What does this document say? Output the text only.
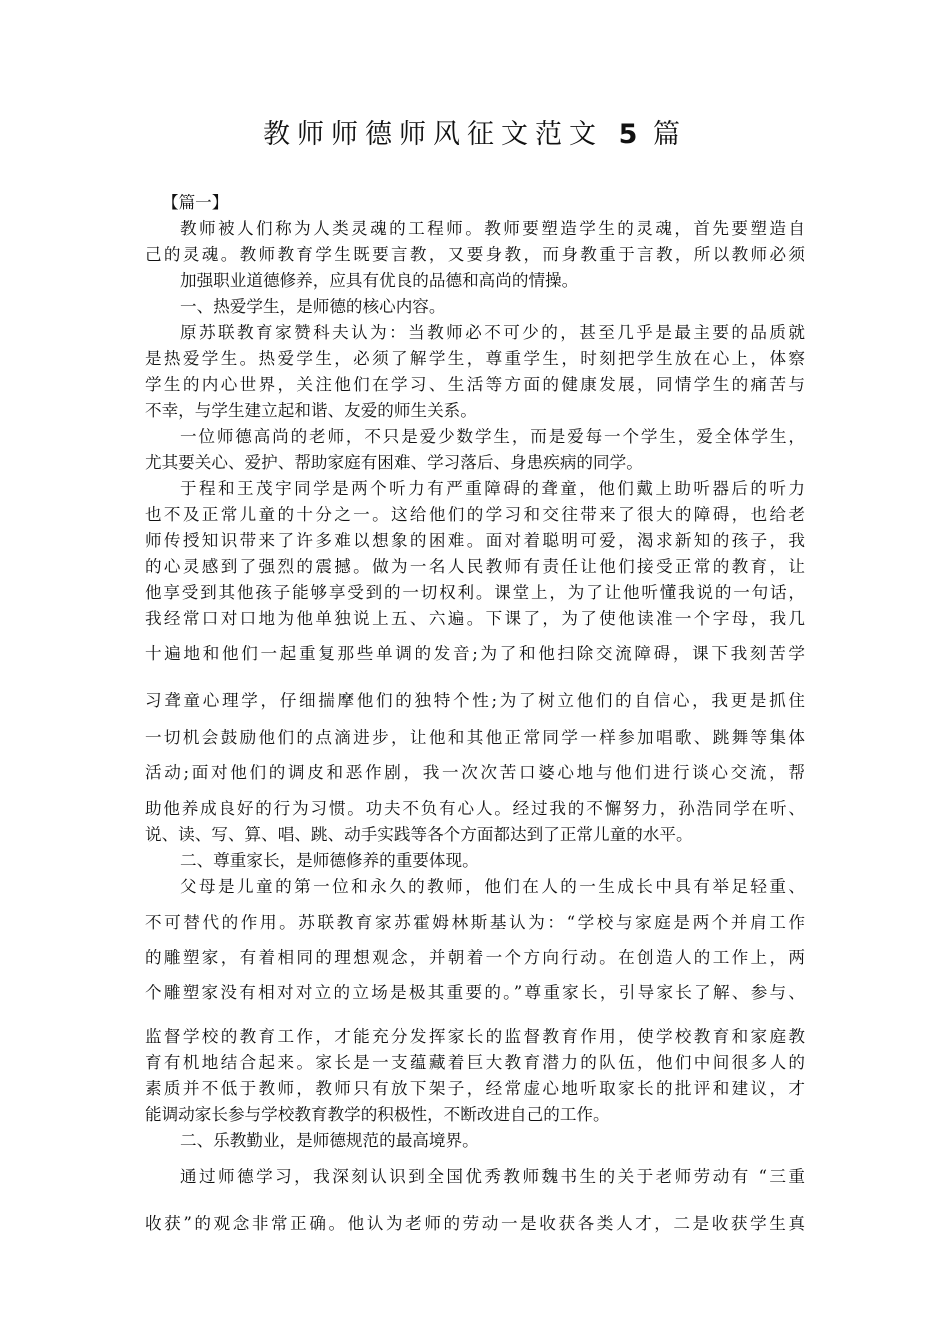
教师师德师风征文范文 5 篇
【篇一】
教师被人们称为人类灵魂的工程师。教师要塑造学生的灵魂，首先要塑造自
己的灵魂。教师教育学生既要言教，又要身教，而身教重于言教，所以教师必须
加强职业道德修养，应具有优良的品德和高尚的情操。
一、热爱学生，是师德的核心内容。
原苏联教育家赞科夫认为：当教师必不可少的，甚至几乎是最主要的品质就
是热爱学生。热爱学生，必须了解学生，尊重学生，时刻把学生放在心上，体察
学生的内心世界，关注他们在学习、生活等方面的健康发展，同情学生的痛苦与
不幸，与学生建立起和谐、友爱的师生关系。
一位师德高尚的老师，不只是爱少数学生，而是爱每一个学生，爱全体学生，
尤其要关心、爱护、帮助家庭有困难、学习落后、身患疾病的同学。
于程和王茂宇同学是两个听力有严重障碍的聋童，他们戴上助听器后的听力
也不及正常儿童的十分之一。这给他们的学习和交往带来了很大的障碍，也给老
师传授知识带来了许多难以想象的困难。面对着聪明可爱，渴求新知的孩子，我
的心灵感到了强烈的震撼。做为一名人民教师有责任让他们接受正常的教育，让
他享受到其他孩子能够享受到的一切权利。课堂上，为了让他听懂我说的一句话，
我经常口对口地为他单独说上五、六遍。下课了，为了使他读准一个字母，我几
十遍地和他们一起重复那些单调的发音;为了和他扫除交流障碍，课下我刻苦学
习聋童心理学，仔细揣摩他们的独特个性;为了树立他们的自信心，我更是抓住
一切机会鼓励他们的点滴进步，让他和其他正常同学一样参加唱歌、跳舞等集体
活动;面对他们的调皮和恶作剧，我一次次苦口婆心地与他们进行谈心交流，帮
助他养成良好的行为习惯。功夫不负有心人。经过我的不懈努力，孙浩同学在听、
说、读、写、算、唱、跳、动手实践等各个方面都达到了正常儿童的水平。
二、尊重家长，是师德修养的重要体现。
父母是儿童的第一位和永久的教师，他们在人的一生成长中具有举足轻重、
不可替代的作用。苏联教育家苏霍姆林斯基认为：“学校与家庭是两个并肩工作
的雕塑家，有着相同的理想观念，并朝着一个方向行动。在创造人的工作上，两
个雕塑家没有相对对立的立场是极其重要的。”尊重家长，引导家长了解、参与、
监督学校的教育工作，才能充分发挥家长的监督教育作用，使学校教育和家庭教
育有机地结合起来。家长是一支蕴藏着巨大教育潜力的队伍，他们中间很多人的
素质并不低于教师，教师只有放下架子，经常虚心地听取家长的批评和建议，才
能调动家长参与学校教育教学的积极性，不断改进自己的工作。
二、乐教勤业，是师德规范的最高境界。
通过师德学习，我深刻认识到全国优秀教师魏书生的关于老师劳动有 “三重
收获”的观念非常正确。他认为老师的劳动一是收获各类人才，二是收获学生真
